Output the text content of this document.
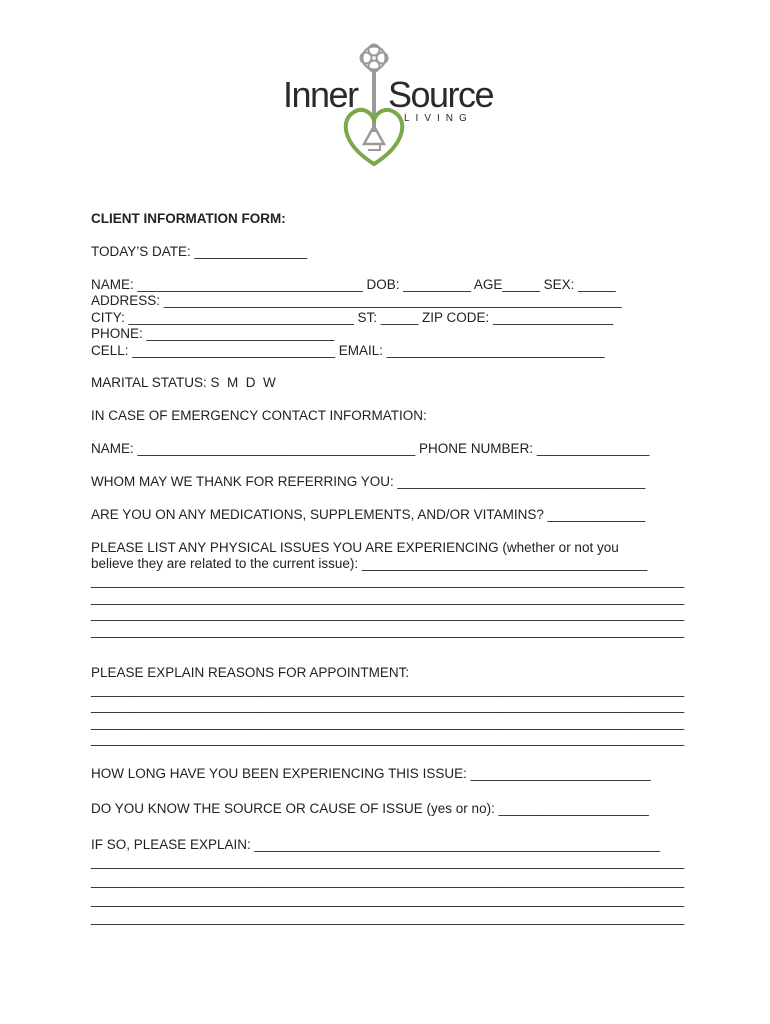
Inner Source
LIVING
CLIENT INFORMATION FORM:
TODAY’S DATE: _______________
NAME: ______________________________ DOB: _________ AGE_____ SEX: _____
ADDRESS: _____________________________________________________________
CITY: ______________________________ ST: _____ ZIP CODE: ________________
PHONE: _________________________
CELL: ___________________________ EMAIL: _____________________________
MARITAL STATUS: S  M  D  W
IN CASE OF EMERGENCY CONTACT INFORMATION:
NAME: _____________________________________ PHONE NUMBER: _______________
WHOM MAY WE THANK FOR REFERRING YOU: _________________________________
ARE YOU ON ANY MEDICATIONS, SUPPLEMENTS, AND/OR VITAMINS? _____________
PLEASE LIST ANY PHYSICAL ISSUES YOU ARE EXPERIENCING (whether or not you
believe they are related to the current issue): ______________________________________
_______________________________________________________________________________
_______________________________________________________________________________
_______________________________________________________________________________
_______________________________________________________________________________
PLEASE EXPLAIN REASONS FOR APPOINTMENT:
_______________________________________________________________________________
_______________________________________________________________________________
_______________________________________________________________________________
_______________________________________________________________________________
HOW LONG HAVE YOU BEEN EXPERIENCING THIS ISSUE: ________________________
DO YOU KNOW THE SOURCE OR CAUSE OF ISSUE (yes or no): ____________________
IF SO, PLEASE EXPLAIN: ______________________________________________________
_______________________________________________________________________________
_______________________________________________________________________________
_______________________________________________________________________________
_______________________________________________________________________________
